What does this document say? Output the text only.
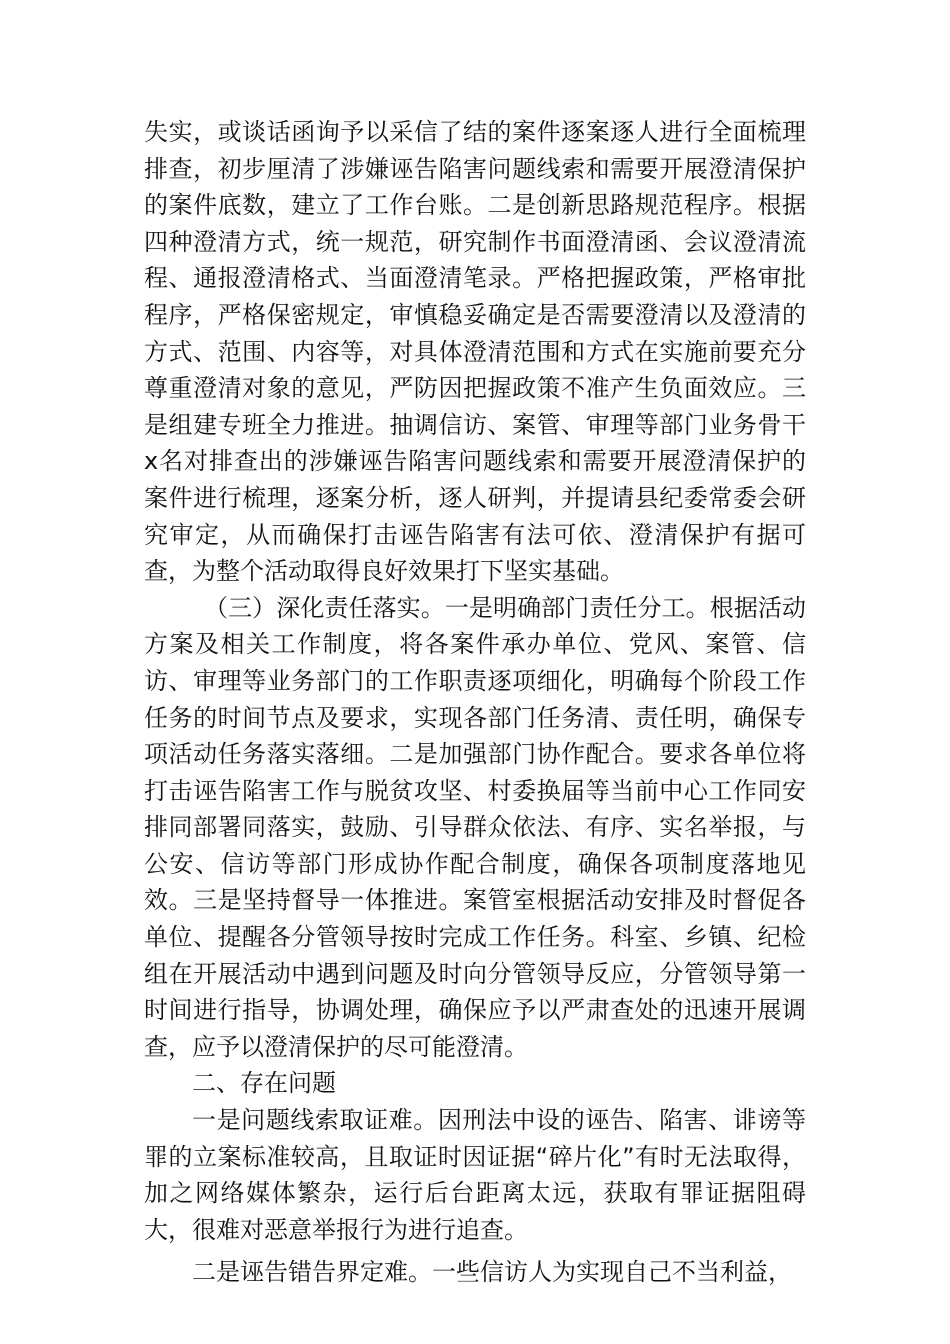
失实，或谈话函询予以采信了结的案件逐案逐人进行全面梳理排查，初步厘清了涉嫌诬告陷害问题线索和需要开展澄清保护的案件底数，建立了工作台账。二是创新思路规范程序。根据四种澄清方式，统一规范，研究制作书面澄清函、会议澄清流程、通报澄清格式、当面澄清笔录。严格把握政策，严格审批程序，严格保密规定，审慎稳妥确定是否需要澄清以及澄清的方式、范围、内容等，对具体澄清范围和方式在实施前要充分尊重澄清对象的意见，严防因把握政策不准产生负面效应。三是组建专班全力推进。抽调信访、案管、审理等部门业务骨干x名对排查出的涉嫌诬告陷害问题线索和需要开展澄清保护的案件进行梳理，逐案分析，逐人研判，并提请县纪委常委会研究审定，从而确保打击诬告陷害有法可依、澄清保护有据可查，为整个活动取得良好效果打下坚实基础。

（三）深化责任落实。一是明确部门责任分工。根据活动方案及相关工作制度，将各案件承办单位、党风、案管、信访、审理等业务部门的工作职责逐项细化，明确每个阶段工作任务的时间节点及要求，实现各部门任务清、责任明，确保专项活动任务落实落细。二是加强部门协作配合。要求各单位将打击诬告陷害工作与脱贫攻坚、村委换届等当前中心工作同安排同部署同落实，鼓励、引导群众依法、有序、实名举报，与公安、信访等部门形成协作配合制度，确保各项制度落地见效。三是坚持督导一体推进。案管室根据活动安排及时督促各单位、提醒各分管领导按时完成工作任务。科室、乡镇、纪检组在开展活动中遇到问题及时向分管领导反应，分管领导第一时间进行指导，协调处理，确保应予以严肃查处的迅速开展调查，应予以澄清保护的尽可能澄清。

二、存在问题

一是问题线索取证难。因刑法中设的诬告、陷害、诽谤等罪的立案标准较高，且取证时因证据“碎片化”有时无法取得，加之网络媒体繁杂，运行后台距离太远，获取有罪证据阻碍大，很难对恶意举报行为进行追查。

二是诬告错告界定难。一些信访人为实现自己不当利益，
